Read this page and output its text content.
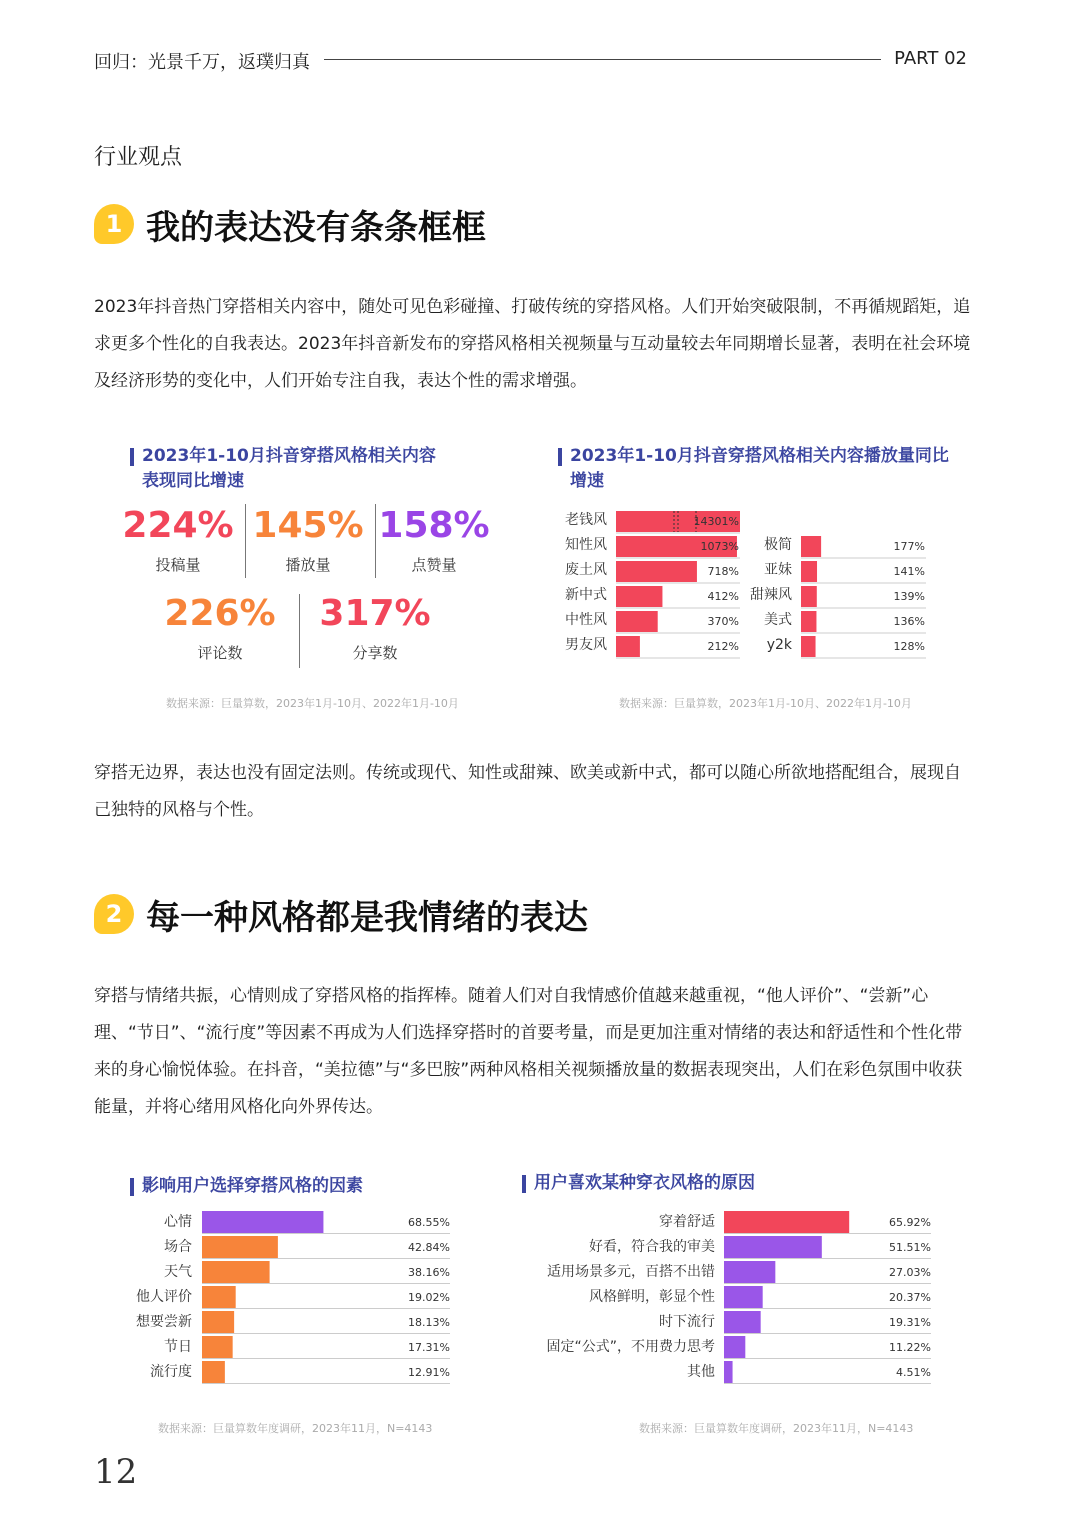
回归：光景千万，返璞归真	PART 02
行业观点
1 我的表达没有条条框框
2023年抖音热门穿搭相关内容中，随处可见色彩碰撞、打破传统的穿搭风格。人们开始突破限制，不再循规蹈矩，追求更多个性化的自我表达。2023年抖音新发布的穿搭风格相关视频量与互动量较去年同期增长显著，表明在社会环境及经济形势的变化中，人们开始专注自我，表达个性的需求增强。
2023年1-10月抖音穿搭风格相关内容
表现同比增速
224%
投稿量
145%
播放量
158%
点赞量
226%
评论数
317%
分享数
数据来源：巨量算数，2023年1月-10月、2022年1月-10月
2023年1-10月抖音穿搭风格相关内容播放量同比增速
老钱风	14301%
知性风	1073%
废土风	718%
新中式	412%
中性风	370%
男友风	212%
极简	177%
亚妹	141%
甜辣风	139%
美式	136%
y2k	128%
数据来源：巨量算数，2023年1月-10月、2022年1月-10月
穿搭无边界，表达也没有固定法则。传统或现代、知性或甜辣、欧美或新中式，都可以随心所欲地搭配组合，展现自己独特的风格与个性。
2 每一种风格都是我情绪的表达
穿搭与情绪共振，心情则成了穿搭风格的指挥棒。随着人们对自我情感价值越来越重视，“他人评价”、“尝新”心理、“节日”、“流行度”等因素不再成为人们选择穿搭时的首要考量，而是更加注重对情绪的表达和舒适性和个性化带来的身心愉悦体验。在抖音，“美拉德”与“多巴胺”两种风格相关视频播放量的数据表现突出，人们在彩色氛围中收获能量，并将心绪用风格化向外界传达。
影响用户选择穿搭风格的因素
心情	68.55%
场合	42.84%
天气	38.16%
他人评价	19.02%
想要尝新	18.13%
节日	17.31%
流行度	12.91%
数据来源：巨量算数年度调研，2023年11月，N=4143
用户喜欢某种穿衣风格的原因
穿着舒适	65.92%
好看，符合我的审美	51.51%
适用场景多元，百搭不出错	27.03%
风格鲜明，彰显个性	20.37%
时下流行	19.31%
固定“公式”，不用费力思考	11.22%
其他	4.51%
数据来源：巨量算数年度调研，2023年11月，N=4143
12
